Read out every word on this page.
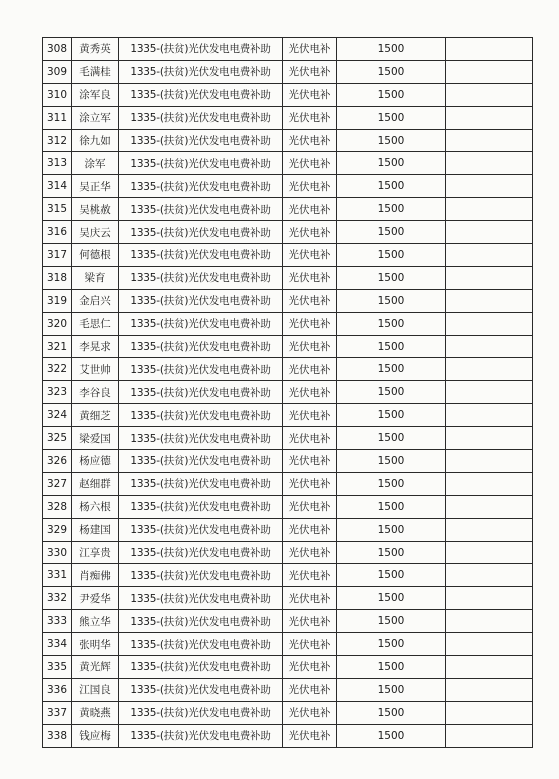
308	黄秀英	1335-(扶贫)光伏发电电费补助	光伏电补	1500	
309	毛满桂	1335-(扶贫)光伏发电电费补助	光伏电补	1500	
310	涂军良	1335-(扶贫)光伏发电电费补助	光伏电补	1500	
311	涂立军	1335-(扶贫)光伏发电电费补助	光伏电补	1500	
312	徐九如	1335-(扶贫)光伏发电电费补助	光伏电补	1500	
313	涂军	1335-(扶贫)光伏发电电费补助	光伏电补	1500	
314	吴正华	1335-(扶贫)光伏发电电费补助	光伏电补	1500	
315	吴桃赦	1335-(扶贫)光伏发电电费补助	光伏电补	1500	
316	吴庆云	1335-(扶贫)光伏发电电费补助	光伏电补	1500	
317	何德根	1335-(扶贫)光伏发电电费补助	光伏电补	1500	
318	梁育	1335-(扶贫)光伏发电电费补助	光伏电补	1500	
319	金启兴	1335-(扶贫)光伏发电电费补助	光伏电补	1500	
320	毛思仁	1335-(扶贫)光伏发电电费补助	光伏电补	1500	
321	李晃求	1335-(扶贫)光伏发电电费补助	光伏电补	1500	
322	艾世帅	1335-(扶贫)光伏发电电费补助	光伏电补	1500	
323	李谷良	1335-(扶贫)光伏发电电费补助	光伏电补	1500	
324	黄细芝	1335-(扶贫)光伏发电电费补助	光伏电补	1500	
325	梁爱国	1335-(扶贫)光伏发电电费补助	光伏电补	1500	
326	杨应德	1335-(扶贫)光伏发电电费补助	光伏电补	1500	
327	赵细群	1335-(扶贫)光伏发电电费补助	光伏电补	1500	
328	杨六根	1335-(扶贫)光伏发电电费补助	光伏电补	1500	
329	杨建国	1335-(扶贫)光伏发电电费补助	光伏电补	1500	
330	江享贵	1335-(扶贫)光伏发电电费补助	光伏电补	1500	
331	肖痴佛	1335-(扶贫)光伏发电电费补助	光伏电补	1500	
332	尹爱华	1335-(扶贫)光伏发电电费补助	光伏电补	1500	
333	熊立华	1335-(扶贫)光伏发电电费补助	光伏电补	1500	
334	张明华	1335-(扶贫)光伏发电电费补助	光伏电补	1500	
335	黄光辉	1335-(扶贫)光伏发电电费补助	光伏电补	1500	
336	江国良	1335-(扶贫)光伏发电电费补助	光伏电补	1500	
337	黄晓燕	1335-(扶贫)光伏发电电费补助	光伏电补	1500	
338	钱应梅	1335-(扶贫)光伏发电电费补助	光伏电补	1500	
